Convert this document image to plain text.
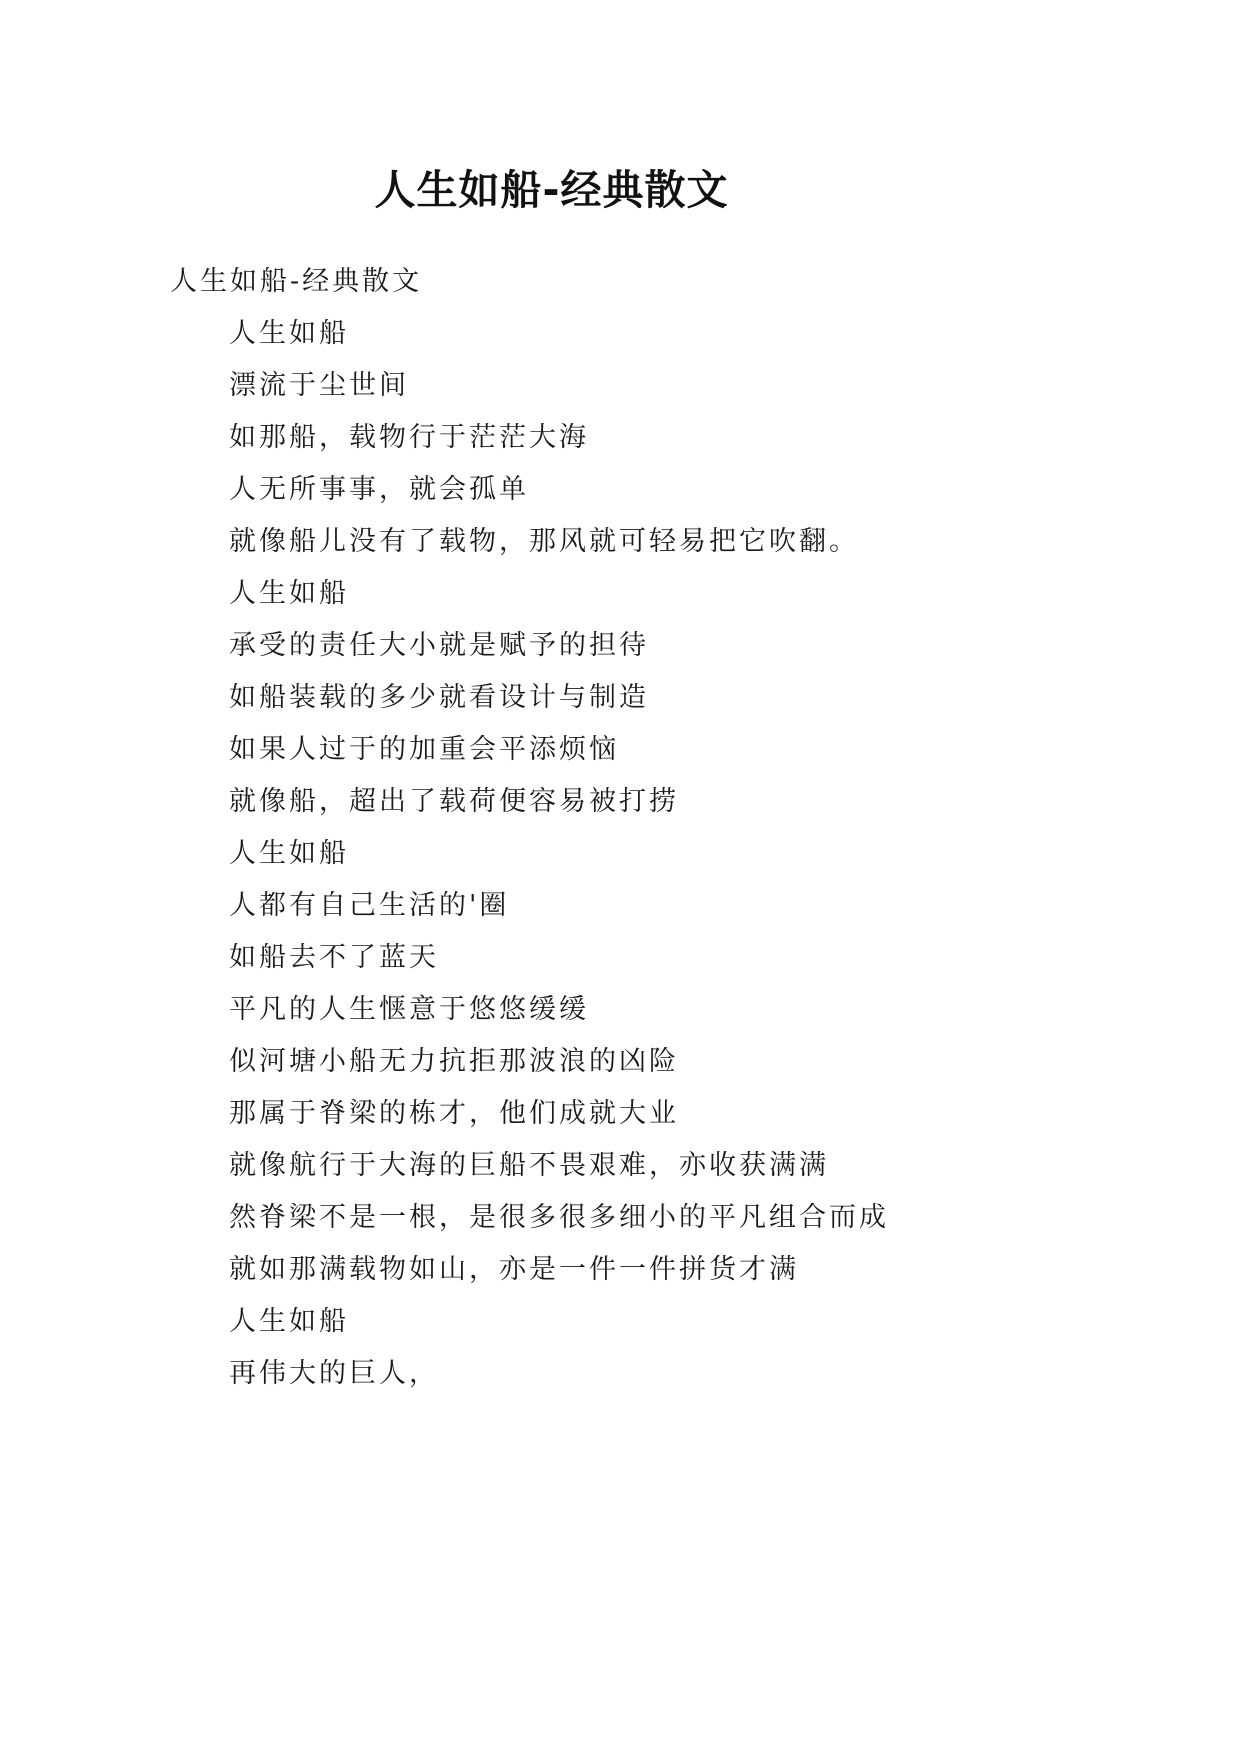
人生如船-经典散文
人生如船-经典散文
人生如船
漂流于尘世间
如那船，载物行于茫茫大海
人无所事事，就会孤单
就像船儿没有了载物，那风就可轻易把它吹翻。
人生如船
承受的责任大小就是赋予的担待
如船装载的多少就看设计与制造
如果人过于的加重会平添烦恼
就像船，超出了载荷便容易被打捞
人生如船
人都有自己生活的'圈
如船去不了蓝天
平凡的人生惬意于悠悠缓缓
似河塘小船无力抗拒那波浪的凶险
那属于脊梁的栋才，他们成就大业
就像航行于大海的巨船不畏艰难，亦收获满满
然脊梁不是一根，是很多很多细小的平凡组合而成
就如那满载物如山，亦是一件一件拼货才满
人生如船
再伟大的巨人，
